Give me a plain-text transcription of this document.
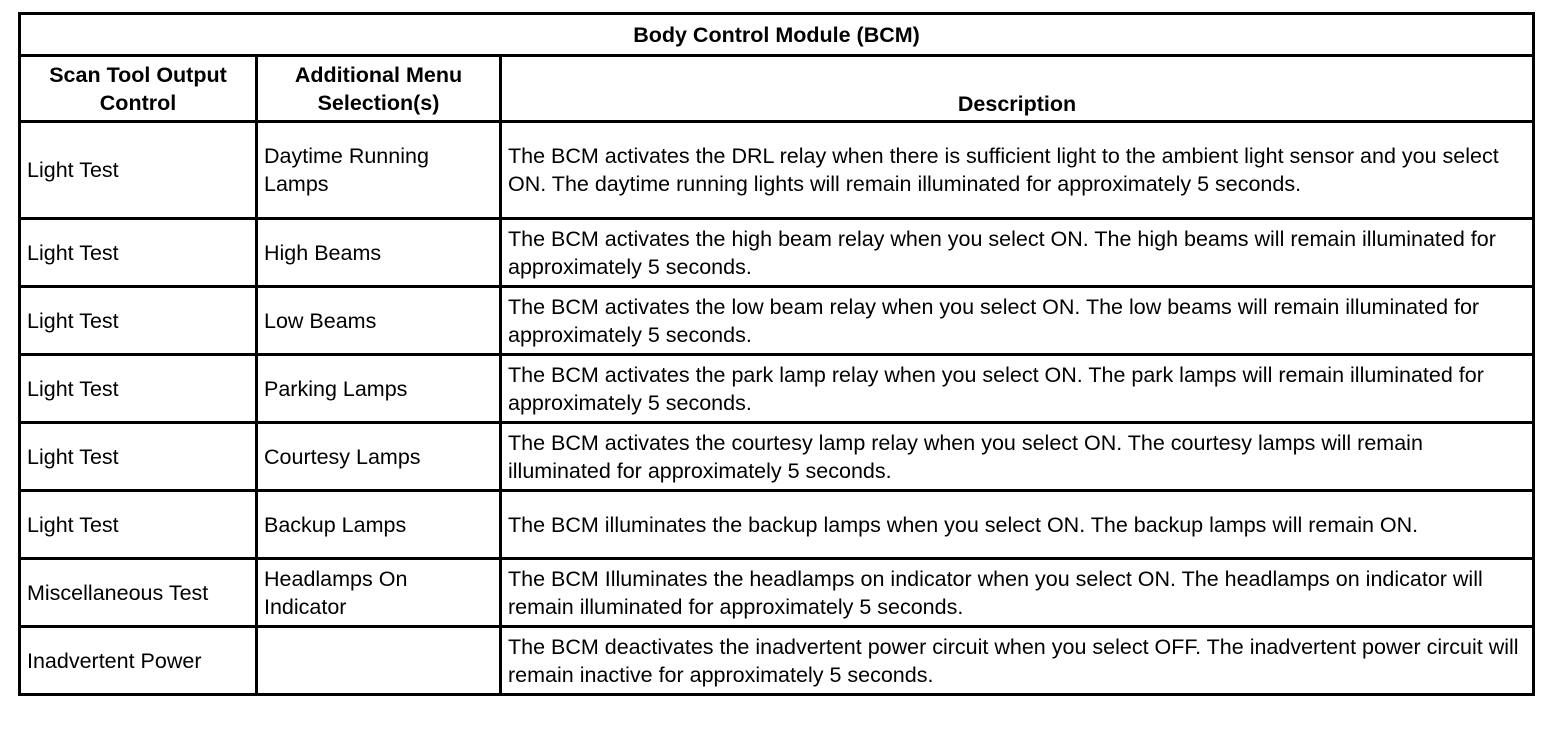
Body Control Module (BCM)		
Scan Tool Output Control	Additional Menu Selection(s)	Description
Light Test	Daytime Running Lamps	The BCM activates the DRL relay when there is sufficient light to the ambient light sensor and you select ON. The daytime running lights will remain illuminated for approximately 5 seconds.
Light Test	High Beams	The BCM activates the high beam relay when you select ON. The high beams will remain illuminated for approximately 5 seconds.
Light Test	Low Beams	The BCM activates the low beam relay when you select ON. The low beams will remain illuminated for approximately 5 seconds.
Light Test	Parking Lamps	The BCM activates the park lamp relay when you select ON. The park lamps will remain illuminated for approximately 5 seconds.
Light Test	Courtesy Lamps	The BCM activates the courtesy lamp relay when you select ON. The courtesy lamps will remain illuminated for approximately 5 seconds.
Light Test	Backup Lamps	The BCM illuminates the backup lamps when you select ON. The backup lamps will remain ON.
Miscellaneous Test	Headlamps On Indicator	The BCM Illuminates the headlamps on indicator when you select ON. The headlamps on indicator will remain illuminated for approximately 5 seconds.
Inadvertent Power		The BCM deactivates the inadvertent power circuit when you select OFF. The inadvertent power circuit will remain inactive for approximately 5 seconds.
